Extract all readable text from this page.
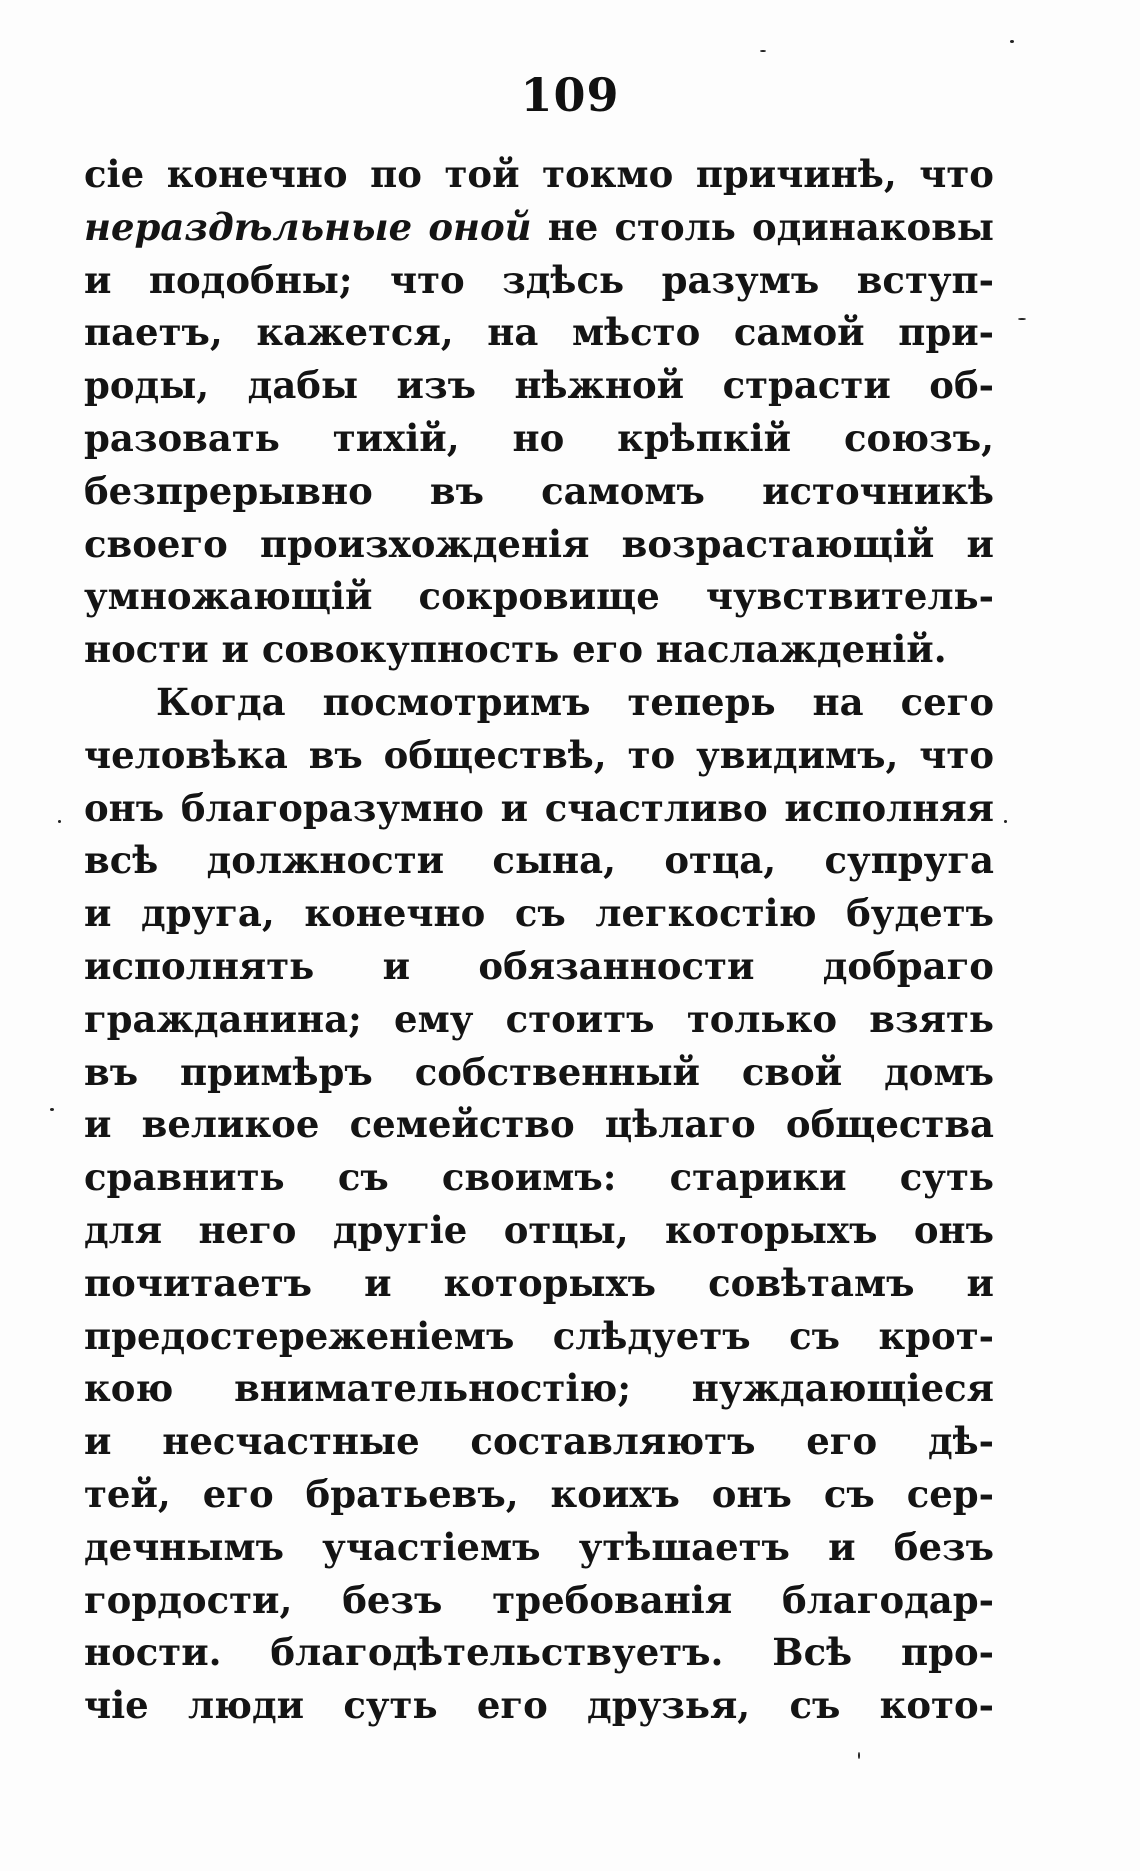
109
сіе конечно по той токмо причинѣ, что
нераздѣльные оной не столь одинаковы
и подобны; что здѣсь разумъ вступ-
паетъ, кажется, на мѣсто самой при-
роды, дабы изъ нѣжной страсти об-
разовать тихій, но крѣпкій союзъ,
безпрерывно въ самомъ источникѣ
своего произхожденія возрастающій и
умножающій сокровище чувствитель-
ности и совокупность его наслажденій.
Когда посмотримъ теперь на сего
человѣка въ обществѣ, то увидимъ, что
онъ благоразумно и счастливо исполняя
всѣ должности сына, отца, супруга
и друга, конечно съ легкостію будетъ
исполнять и обязанности добраго
гражданина; ему стоитъ только взять
въ примѣръ собственный свой домъ
и великое семейство цѣлаго общества
сравнить съ своимъ: старики суть
для него другіе отцы, которыхъ онъ
почитаетъ и которыхъ совѣтамъ и
предостереженіемъ слѣдуетъ съ крот-
кою внимательностію; нуждающіеся
и несчастные составляютъ его дѣ-
тей, его братьевъ, коихъ онъ съ сер-
дечнымъ участіемъ утѣшаетъ и безъ
гордости, безъ требованія благодар-
ности. благодѣтельствуетъ. Всѣ про-
чіе люди суть его друзья, съ кото-
